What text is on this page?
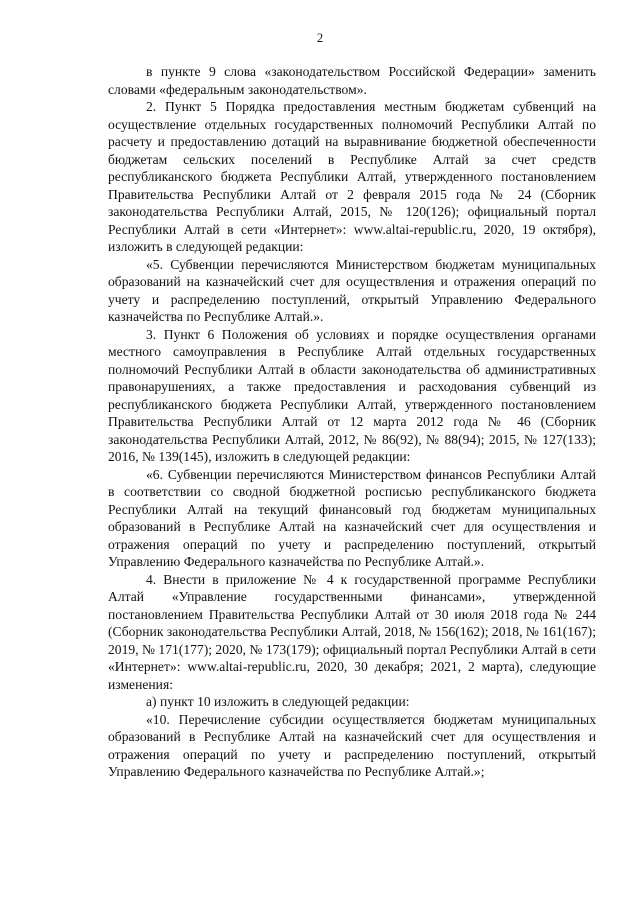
2

в пункте 9 слова «законодательством Российской Федерации» заменить словами «федеральным законодательством».

2. Пункт 5 Порядка предоставления местным бюджетам субвенций на осуществление отдельных государственных полномочий Республики Алтай по расчету и предоставлению дотаций на выравнивание бюджетной обеспеченности бюджетам сельских поселений в Республике Алтай за счет средств республиканского бюджета Республики Алтай, утвержденного постановлением Правительства Республики Алтай от 2 февраля 2015 года № 24 (Сборник законодательства Республики Алтай, 2015, № 120(126); официальный портал Республики Алтай в сети «Интернет»: www.altai-republic.ru, 2020, 19 октября), изложить в следующей редакции:

«5. Субвенции перечисляются Министерством бюджетам муниципальных образований на казначейский счет для осуществления и отражения операций по учету и распределению поступлений, открытый Управлению Федерального казначейства по Республике Алтай.».

3. Пункт 6 Положения об условиях и порядке осуществления органами местного самоуправления в Республике Алтай отдельных государственных полномочий Республики Алтай в области законодательства об административных правонарушениях, а также предоставления и расходования субвенций из республиканского бюджета Республики Алтай, утвержденного постановлением Правительства Республики Алтай от 12 марта 2012 года № 46 (Сборник законодательства Республики Алтай, 2012, № 86(92), № 88(94); 2015, № 127(133); 2016, № 139(145), изложить в следующей редакции:

«6. Субвенции перечисляются Министерством финансов Республики Алтай в соответствии со сводной бюджетной росписью республиканского бюджета Республики Алтай на текущий финансовый год бюджетам муниципальных образований в Республике Алтай на казначейский счет для осуществления и отражения операций по учету и распределению поступлений, открытый Управлению Федерального казначейства по Республике Алтай.».

4. Внести в приложение № 4 к государственной программе Республики Алтай «Управление государственными финансами», утвержденной постановлением Правительства Республики Алтай от 30 июля 2018 года № 244 (Сборник законодательства Республики Алтай, 2018, № 156(162); 2018, № 161(167); 2019, № 171(177); 2020, № 173(179); официальный портал Республики Алтай в сети «Интернет»: www.altai-republic.ru, 2020, 30 декабря; 2021, 2 марта), следующие изменения:

а) пункт 10 изложить в следующей редакции:

«10. Перечисление субсидии осуществляется бюджетам муниципальных образований в Республике Алтай на казначейский счет для осуществления и отражения операций по учету и распределению поступлений, открытый Управлению Федерального казначейства по Республике Алтай.»;
